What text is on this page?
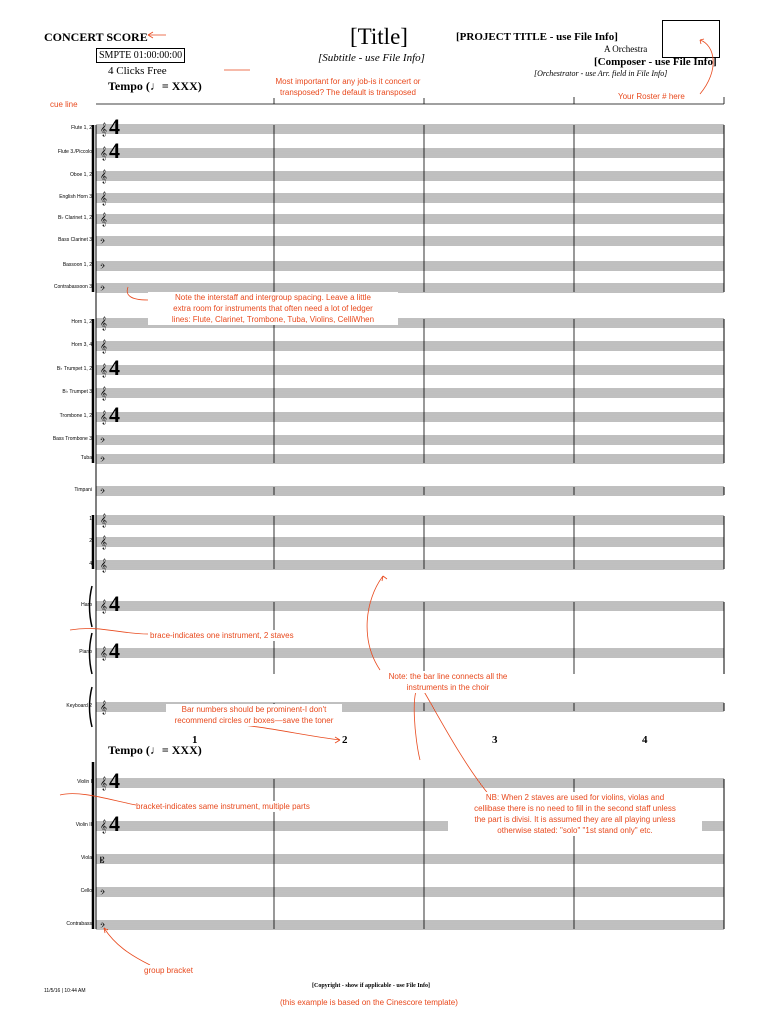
CONCERT SCORE
SMPTE 01:00:00:00
4 Clicks Free
Tempo (♩= XXX)
[Title]
[Subtitle - use File Info]
[PROJECT TITLE - use File Info]
A Orchestra
[Composer - use File Info]
[Orchestrator - use Arr. field in File Info]
𝄞
𝄞
𝄞
𝄞
𝄞
𝄢
𝄢
𝄢
𝄞
𝄞
𝄞
𝄞
𝄞
𝄢
𝄢
𝄢
𝄞
𝄞
𝄞
𝄞
𝄞
𝄞
𝄞
𝄞
𝄡
𝄢
𝄢
4
4
4
4
4
4
4
4
Flute 1, 2
Flute 3./Piccolo
Oboe 1, 2
English Horn 3
B♭ Clarinet 1, 2
Bass Clarinet 3
Bassoon 1, 2
Contrabassoon 3
Horn 1, 2
Horn 3, 4
B♭ Trumpet 1, 2
B♭ Trumpet 3
Trombone 1, 2
Bass Trombone 3
Tuba
Timpani
1
2
4
Harp
Piano
Keyboard 2
Violin I
Violin II
Viola
Cello
Contrabass
1	2	3	4
Tempo (♩= XXX)
cue line
Most important for any job-is it concert or
transposed? The default is transposed	Your Roster # here
Note the interstaff and intergroup spacing. Leave a little
extra room for instruments that often need a lot of ledger
lines: Flute, Clarinet, Trombone, Tuba, Violins, CelliWhen
brace-indicates one instrument, 2 staves
Note: the bar line connects all the
instruments in the choir
Bar numbers should be prominent-I don't
recommend circles or boxes—save the toner
bracket-indicates same instrument, multiple parts
NB: When 2 staves are used for violins, violas and
cellibase there is no need to fill in the second staff unless
the part is divisi. It is assumed they are all playing unless
otherwise stated: "solo" "1st stand only" etc.
group bracket
11/5/16 | 10:44 AM
[Copyright - show if applicable - use File Info]
(this example is based on the Cinescore template)
